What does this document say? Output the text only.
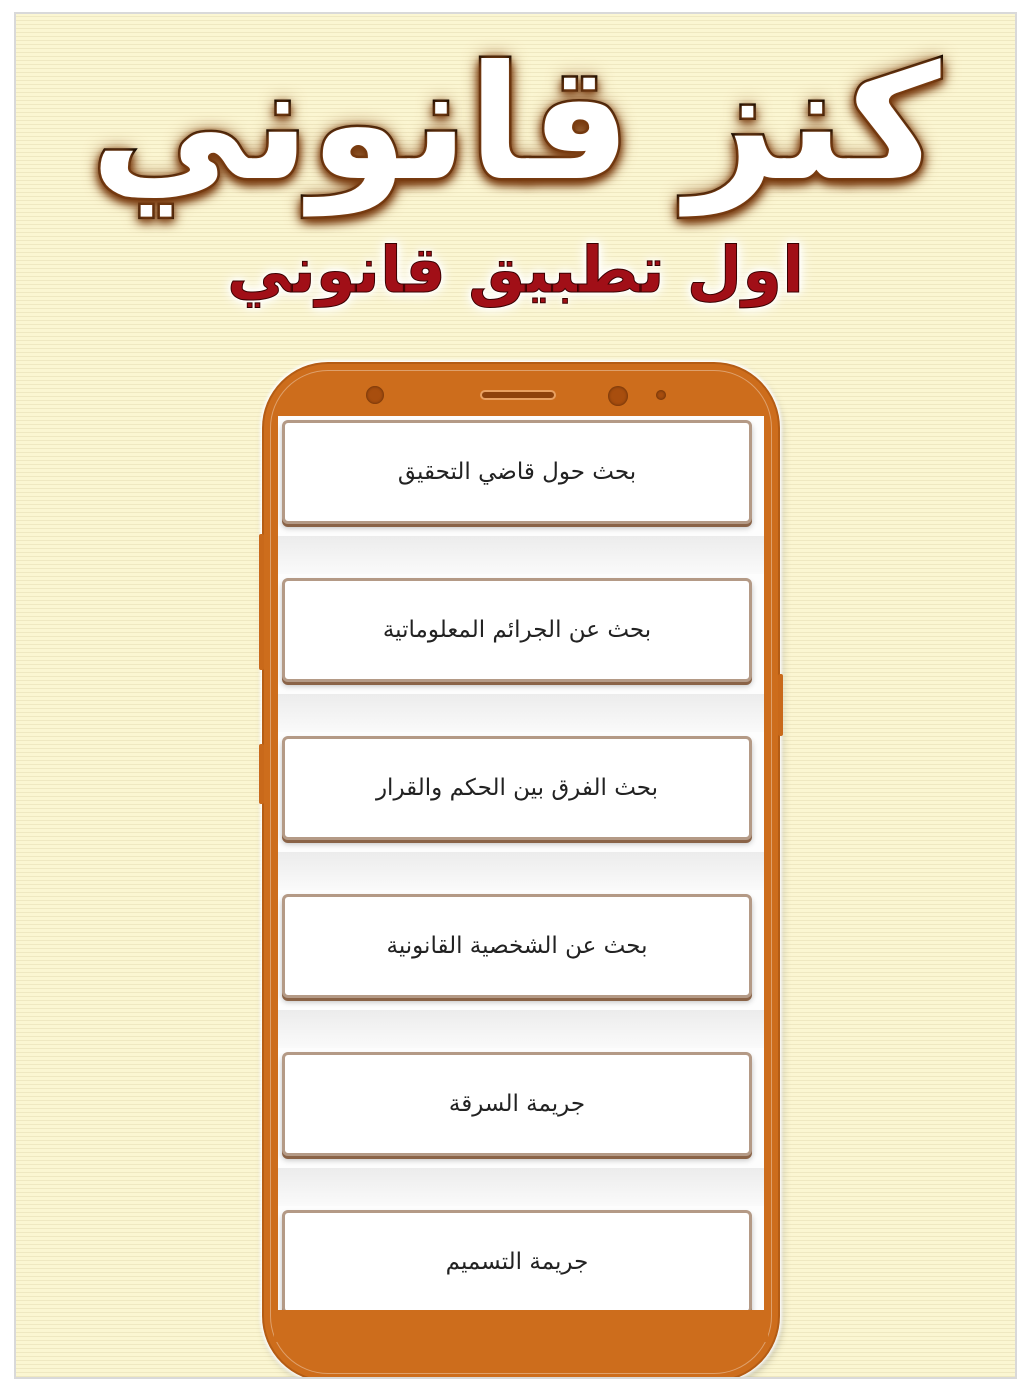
كنز قانوني
اول تطبيق قانوني
بحث حول قاضي التحقيق
بحث عن الجرائم المعلوماتية
بحث الفرق بين الحكم والقرار
بحث عن الشخصية القانونية
جريمة السرقة
جريمة التسميم
